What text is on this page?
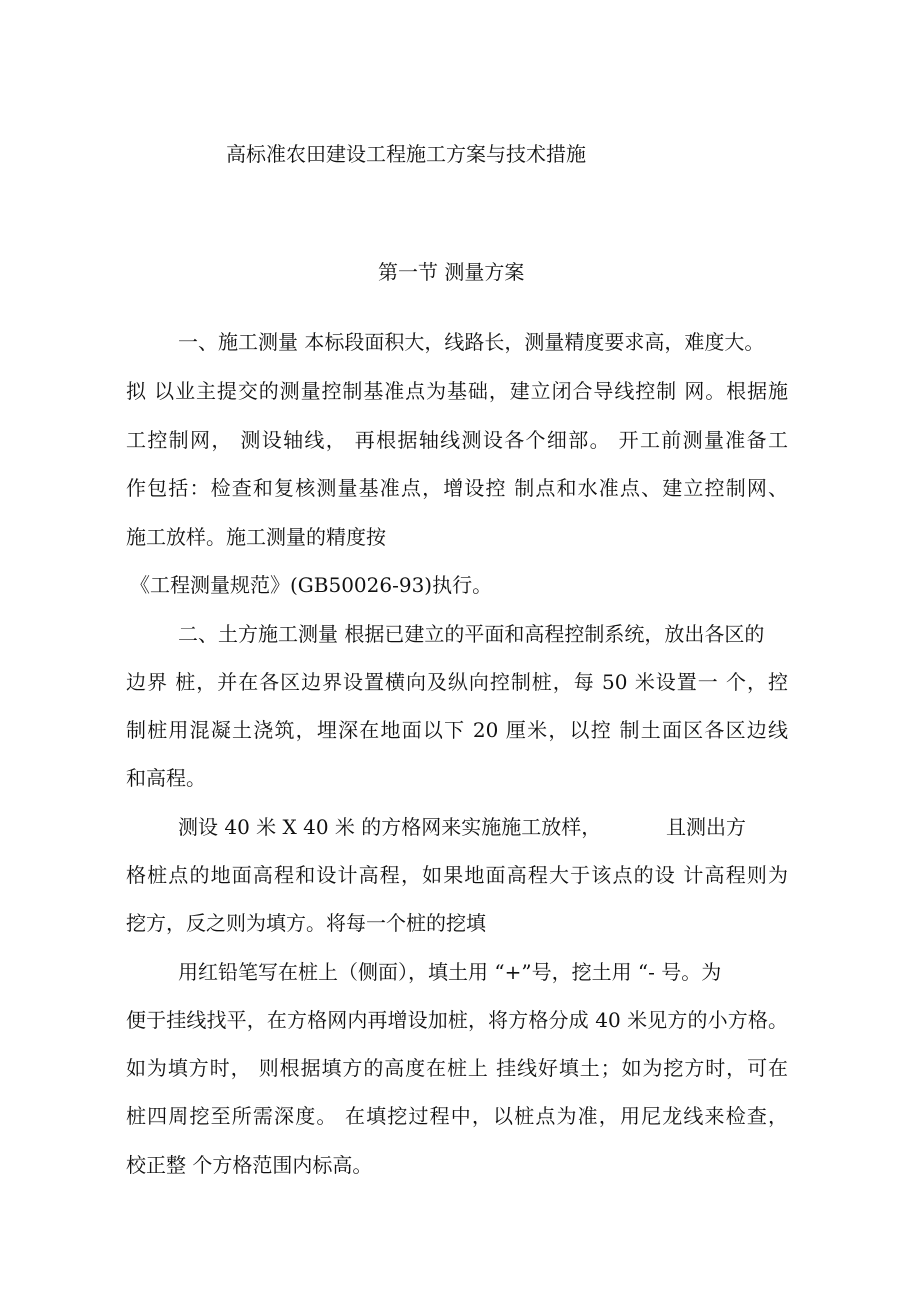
高标准农田建设工程施工方案与技术措施
第一节 测量方案
一、施工测量 本标段面积大，线路长，测量精度要求高，难度大。
拟 以业主提交的测量控制基准点为基础，建立闭合导线控制 网。根据施
工控制网， 测设轴线， 再根据轴线测设各个细部。 开工前测量准备工
作包括：检查和复核测量基准点，增设控 制点和水准点、建立控制网、
施工放样。施工测量的精度按
《工程测量规范》(GB50026-93)执行。
二、土方施工测量 根据已建立的平面和高程控制系统，放出各区的
边界 桩，并在各区边界设置横向及纵向控制桩，每 50 米设置一 个，控
制桩用混凝土浇筑，埋深在地面以下 20 厘米，以控 制土面区各区边线
和高程。
测设 40 米 X 40 米 的方格网来实施施工放样，	且测出方
格桩点的地面高程和设计高程，如果地面高程大于该点的设 计高程则为
挖方，反之则为填方。将每一个桩的挖填
用红铅笔写在桩上（侧面），填土用 “+”号，挖土用 “- 号。为
便于挂线找平，在方格网内再增设加桩，将方格分成 40 米见方的小方格。
如为填方时， 则根据填方的高度在桩上 挂线好填土；如为挖方时，可在
桩四周挖至所需深度。 在填挖过程中，以桩点为准，用尼龙线来检查，
校正整 个方格范围内标高。
